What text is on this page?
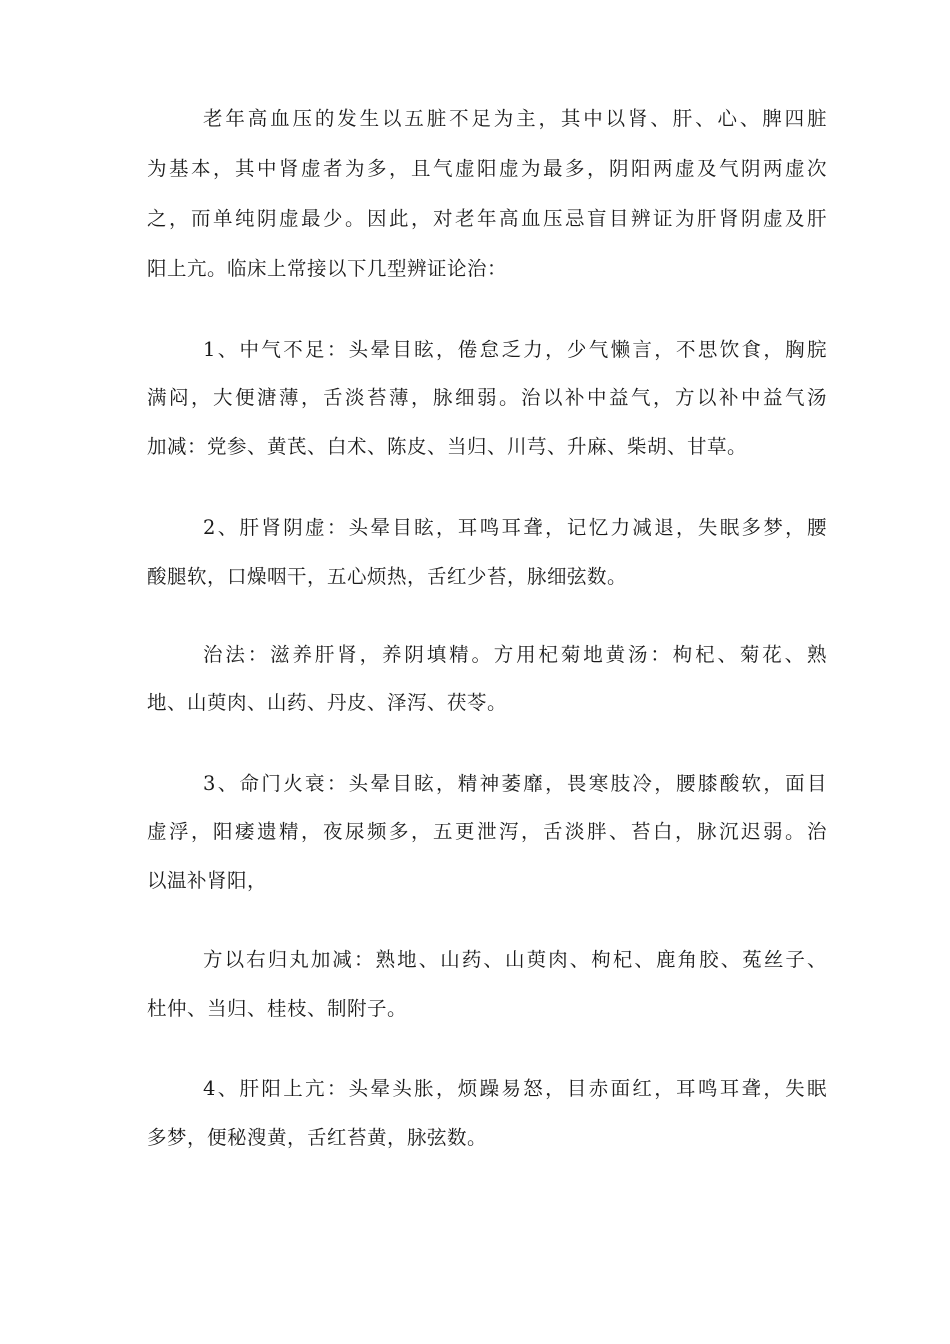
老年高血压的发生以五脏不足为主，其中以肾、肝、心、脾四脏
为基本，其中肾虚者为多，且气虚阳虚为最多，阴阳两虚及气阴两虚次
之，而单纯阴虚最少。因此，对老年高血压忌盲目辨证为肝肾阴虚及肝
阳上亢。临床上常接以下几型辨证论治：
1、中气不足：头晕目眩，倦怠乏力，少气懒言，不思饮食，胸脘
满闷，大便溏薄，舌淡苔薄，脉细弱。治以补中益气，方以补中益气汤
加减：党参、黄芪、白术、陈皮、当归、川芎、升麻、柴胡、甘草。
2、肝肾阴虚：头晕目眩，耳鸣耳聋，记忆力减退，失眠多梦，腰
酸腿软，口燥咽干，五心烦热，舌红少苔，脉细弦数。
治法：滋养肝肾，养阴填精。方用杞菊地黄汤：枸杞、菊花、熟
地、山萸肉、山药、丹皮、泽泻、茯苓。
3、命门火衰：头晕目眩，精神萎靡，畏寒肢冷，腰膝酸软，面目
虚浮，阳痿遗精，夜尿频多，五更泄泻，舌淡胖、苔白，脉沉迟弱。治
以温补肾阳，
方以右归丸加减：熟地、山药、山萸肉、枸杞、鹿角胶、菟丝子、
杜仲、当归、桂枝、制附子。
4、肝阳上亢：头晕头胀，烦躁易怒，目赤面红，耳鸣耳聋，失眠
多梦，便秘溲黄，舌红苔黄，脉弦数。
